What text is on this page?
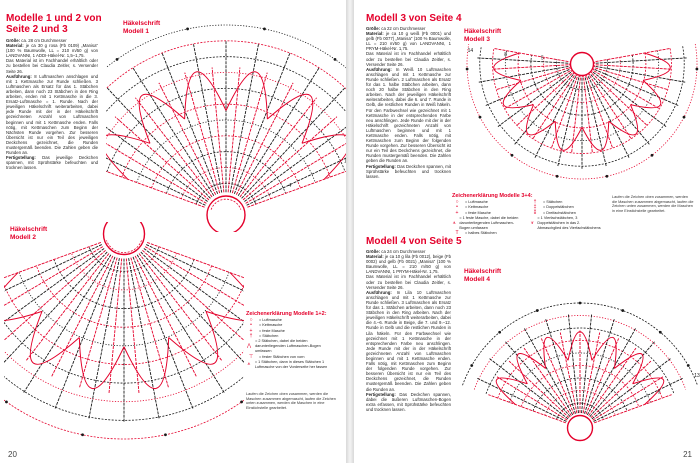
Modelle 1 und 2 von Seite 2 und 3
Größe: ca. 28 cm Durchmesser
Material: je ca 30 g rosa (Fb 0109) „Manisa" (100 % Baumwolle, LL = 210 m/50 g) von LANDVANNI, 1 ADDI-Häkel-Nr. 1,5–1,75.
Das Material ist im Fachhandel erhältlich oder zu bestellen bei Claudia Zeitler, s. Versender Seite 26.
Ausführung: 8 Luftmaschen anschlagen und mit 1 Kettmasche zur Runde schließen. 3 Luftmaschen als Ersatz für das 1. Stäbchen arbeiten, dann noch 23 Stäbchen in den Ring arbeiten, enden mit 1 Kettmasche in die 3. Ersatz-Luftmasche = 1. Runde. Nach der jeweiligen Häkelschrift weiterarbeiten, dabei jede Runde mit der in der Häkelschrift gezeichneten Anzahl von Luftmaschen beginnen und mit 1 Kettmasche enden. Falls nötig, mit Kettmaschen zum Beginn der Nächsten Runde vorgehen. Zur besseren Übersicht ist nur ein Teil des jeweiligen Deckchens gezeichnet, die Runden mustergemäß beenden. Die Zahlen geben die Runden an.
Fertigstellung: Das jeweilige Deckchen spannen, mit Sprühstärke befeuchten und trocknen lassen.
Häkelschrift Modell 1
4
Häkelschrift Modell 2
Zeichenerklärung Modelle 1+2:
○	= Luftmasche
•	= Kettmasche
+	= feste Masche
†	= Stäbchen
⋀
= 2 Stäbchen, dabei die beiden darunterliegenden Luftmaschen-Bogen umfassen
⊤	= fester Stäbchen von vorn
⩚	= 1 Stäbchen, dann in dieses Stäbchen 1 Luftmasche von der Vorderseite her fassen
Laufen die Zeichen oben zusammen, werden die Maschen zusammen abgemascht, laufen die Zeichen unten zusammen, werden die Maschen in eine Einstichstelle gearbeitet.
20
Modell 3 von Seite 4
Größe: ca 22 cm Durchmesser
Material: je ca 10 g weiß (Fb 0001) und gelb (Fb 0077) „Manisa" (100 % Baumwolle, LL = 210 m/50 g) von LANDVANNI, 1 PRYM-Häkel-Nr. 1,75.
Das Material ist im Fachhandel erhältlich oder zu bestellen bei Claudia Zeitler, s. Versender Seite 26.
Ausführung: In Weiß 10 Luftmaschen anschlagen und mit 1 Kettmasche zur Runde schließen. 2 Luftmaschen als Ersatz für das 1. halbe Stäbchen arbeiten, dann noch 20 halbe Stäbchen in den Ring arbeiten. Nach der jeweiligen Häkelschrift weiterarbeiten, dabei die 6. und 7. Runde in Gelb, die restlichen Runden in Weiß häkeln. Für den Farbwechsel wie gezeichnet mit 1 Kettmasche in der entsprechenden Farbe neu anschlingen. Jede Runde mit der in der Häkelschrift gezeichneten Anzahl von Luftmaschen beginnen und mit 1 Kettmasche enden. Falls nötig, mit Kettmaschen zum Beginn der folgenden Runde vorgehen. Zur besseren Übersicht ist nur ein Teil des Deckchens gezeichnet, die Runden mustergemäß beenden. Die Zahlen geben die Runden an.
Fertigstellung: Das Deckchen spannen, mit Sprühstärke befeuchten und trocknen lassen.
Modell 4 von Seite 5
Größe: ca 24 cm Durchmesser
Material: je ca 10 g lila (Fb 0012), beige (Fb 0002) und gelb (Fb 0021) „Manisa" (100 % Baumwolle, LL = 210 m/50 g) von LANDVANNI, 1 PRYM-Häkel-Nr. 1,75.
Das Material ist im Fachhandel erhältlich oder zu bestellen bei Claudia Zeitler, s. Versender Seite 26.
Ausführung: In Lila 10 Luftmaschen anschlagen und mit 1 Kettmasche zur Runde schließen. 3 Luftmaschen als Ersatz für das 1. Stäbchen arbeiten, dann noch 23 Stäbchen in den Ring arbeiten. Nach der jeweiligen Häkelschrift weiterarbeiten, dabei die 4.–6. Runde in Beige, die 7. und 9.–12. Runde in Gelb und die restlichen Runden in Lila häkeln. Für den Farbwechsel wie gezeichnet mit 1 Kettmasche in der entsprechenden Farbe neu anschlingen. Jede Runde mit der in der Häkelschrift gezeichneten Anzahl von Luftmaschen beginnen und mit 1 Kettmasche enden. Falls nötig, mit Kettmaschen zum Beginn der folgenden Runde vorgehen. Zur besseren Übersicht ist nur ein Teil des Deckchens gezeichnet, die Runden mustergemäß beenden. Die Zahlen geben die Runden an.
Fertigstellung: Das Deckchen spannen, dabei die äußeren Luftmaschen-Bogen extra erfassen, mit Sprühstärke befeuchten und trocknen lassen.
Häkelschrift Modell 3
14
8
5
Zeichenerklärung Modelle 3+4:
○	= Luftmasche
•	= Kettmasche
+	= feste Masche
⩚
= 1 feste Masche, dabei die beiden darunterliegenden Luftmaschen-Bogen umfassen
T	= halbes Stäbchen
†	= Stäbchen
‡	= Doppelstäbchen
⁑	= Dreifachstäbchen
⩛
= 1 Vierfachstäbchen, 3 Doppelstäbchen in das 2. Abmaschglied des Vierfachstäbchens
Laufen die Zeichen oben zusammen, werden die Maschen zusammen abgemascht, laufen die Zeichen unten zusammen, werden die Maschen in eine Einstichstelle gearbeitet.
Häkelschrift Modell 4
13
9
21
